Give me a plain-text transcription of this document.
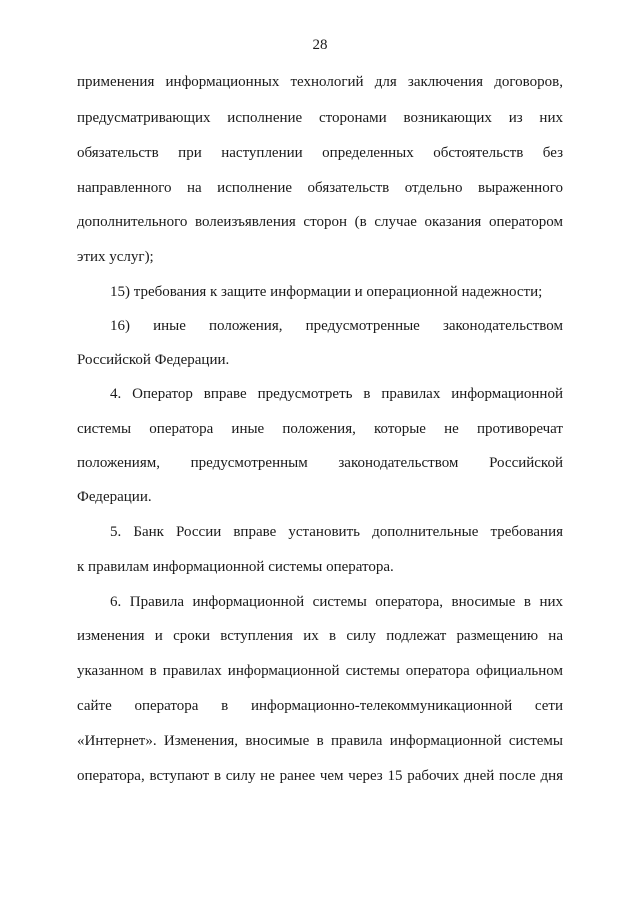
28
применения информационных технологий для заключения договоров,
предусматривающих исполнение сторонами возникающих из них
обязательств при наступлении определенных обстоятельств без
направленного на исполнение обязательств отдельно выраженного
дополнительного волеизъявления сторон (в случае оказания оператором
этих услуг);
15) требования к защите информации и операционной надежности;
16) иные положения, предусмотренные законодательством
Российской Федерации.
4. Оператор вправе предусмотреть в правилах информационной
системы оператора иные положения, которые не противоречат
положениям, предусмотренным законодательством Российской
Федерации.
5. Банк России вправе установить дополнительные требования
к правилам информационной системы оператора.
6. Правила информационной системы оператора, вносимые в них
изменения и сроки вступления их в силу подлежат размещению на
указанном в правилах информационной системы оператора официальном
сайте оператора в информационно-телекоммуникационной сети
«Интернет». Изменения, вносимые в правила информационной системы
оператора, вступают в силу не ранее чем через 15 рабочих дней после дня
